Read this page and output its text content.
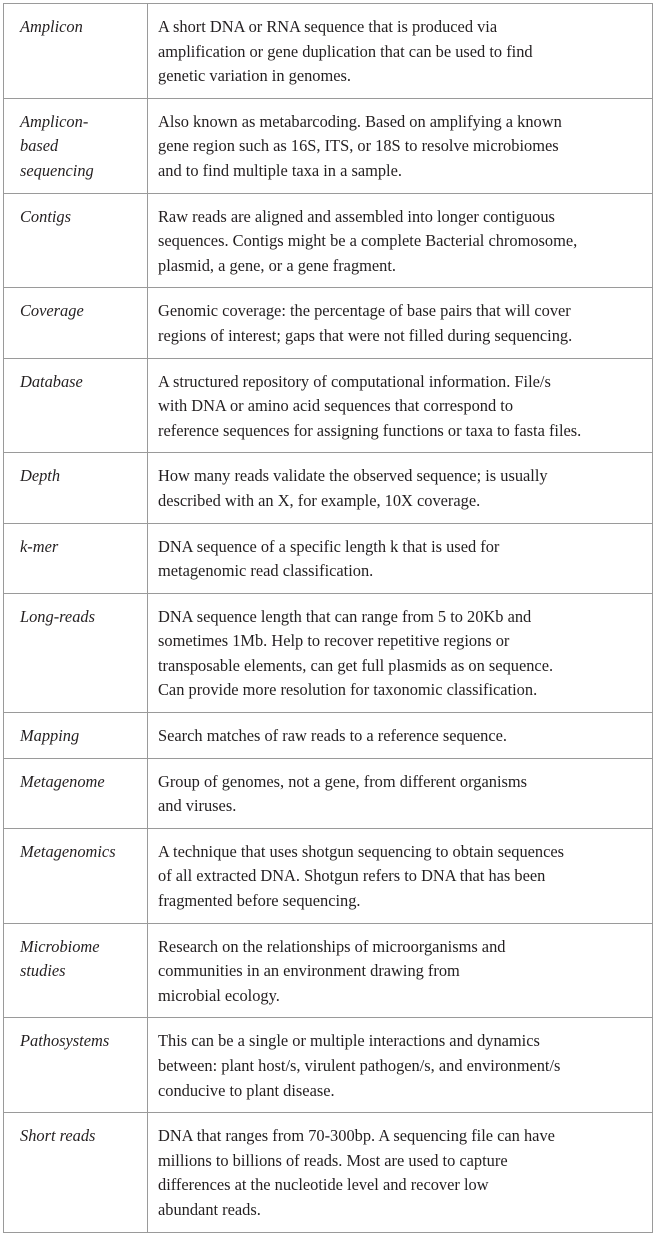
Amplicon	A short DNA or RNA sequence that is produced via
amplification or gene duplication that can be used to find
genetic variation in genomes.

Amplicon-
based
sequencing	Also known as metabarcoding. Based on amplifying a known
gene region such as 16S, ITS, or 18S to resolve microbiomes
and to find multiple taxa in a sample.

Contigs	Raw reads are aligned and assembled into longer contiguous
sequences. Contigs might be a complete Bacterial chromosome,
plasmid, a gene, or a gene fragment.

Coverage	Genomic coverage: the percentage of base pairs that will cover
regions of interest; gaps that were not filled during sequencing.

Database	A structured repository of computational information. File/s
with DNA or amino acid sequences that correspond to
reference sequences for assigning functions or taxa to fasta files.

Depth	How many reads validate the observed sequence; is usually
described with an X, for example, 10X coverage.

k-mer	DNA sequence of a specific length k that is used for
metagenomic read classification.

Long-reads	DNA sequence length that can range from 5 to 20Kb and
sometimes 1Mb. Help to recover repetitive regions or
transposable elements, can get full plasmids as on sequence.
Can provide more resolution for taxonomic classification.

Mapping	Search matches of raw reads to a reference sequence.

Metagenome	Group of genomes, not a gene, from different organisms
and viruses.

Metagenomics	A technique that uses shotgun sequencing to obtain sequences
of all extracted DNA. Shotgun refers to DNA that has been
fragmented before sequencing.

Microbiome
studies	Research on the relationships of microorganisms and
communities in an environment drawing from
microbial ecology.

Pathosystems	This can be a single or multiple interactions and dynamics
between: plant host/s, virulent pathogen/s, and environment/s
conducive to plant disease.

Short reads	DNA that ranges from 70-300bp. A sequencing file can have
millions to billions of reads. Most are used to capture
differences at the nucleotide level and recover low
abundant reads.
